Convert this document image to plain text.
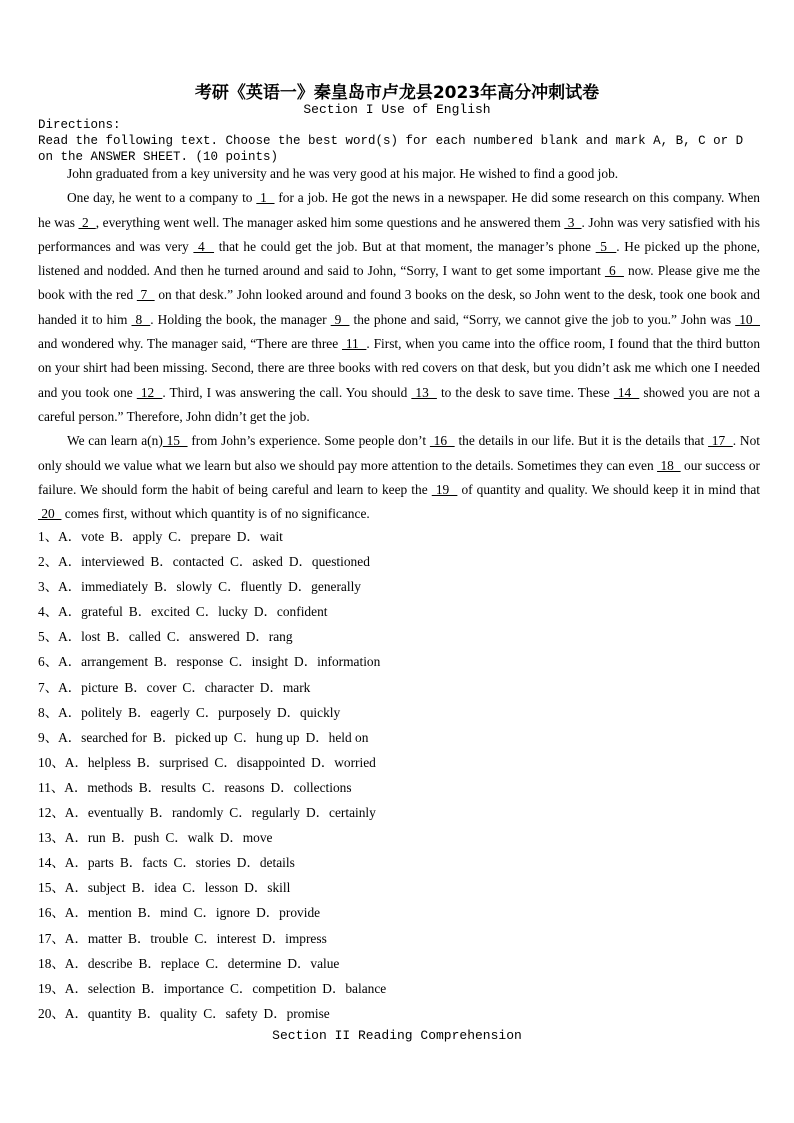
考研《英语一》秦皇岛市卢龙县2023年高分冲刺试卷
Section I Use of English
Directions:
Read the following text. Choose the best word(s) for each numbered blank and mark A, B, C or D on the ANSWER SHEET. (10 points)

John graduated from a key university and he was very good at his major. He wished to find a good job.

One day, he went to a company to  1   for a job. He got the news in a newspaper. He did some research on this company. When he was  2  , everything went well. The manager asked him some questions and he answered them  3  . John was very satisfied with his performances and was very  4   that he could get the job. But at that moment, the manager’s phone  5  . He picked up the phone, listened and nodded. And then he turned around and said to John, “Sorry, I want to get some important  6   now. Please give me the book with the red  7   on that desk.” John looked around and found 3 books on the desk, so John went to the desk, took one book and handed it to him  8  . Holding the book, the manager  9   the phone and said, “Sorry, we cannot give the job to you.” John was  10   and wondered why. The manager said, “There are three  11  . First, when you came into the office room, I found that the third button on your shirt had been missing. Second, there are three books with red covers on that desk, but you didn’t ask me which one I needed and you took one  12  . Third, I was answering the call. You should  13   to the desk to save time. These  14   showed you are not a careful person.” Therefore, John didn’t get the job.

We can learn a(n) 15   from John’s experience. Some people don’t  16   the details in our life. But it is the details that  17  . Not only should we value what we learn but also we should pay more attention to the details. Sometimes they can even  18   our success or failure. We should form the habit of being careful and learn to keep the  19   of quantity and quality. We should keep it in mind that  20   comes first, without which quantity is of no significance.

1、A．vote B．apply C．prepare D．wait
2、A．interviewed B．contacted C．asked D．questioned
3、A．immediately B．slowly C．fluently D．generally
4、A．grateful B．excited C．lucky D．confident
5、A．lost B．called C．answered D．rang
6、A．arrangement B．response C．insight D．information
7、A．picture B．cover C．character D．mark
8、A．politely B．eagerly C．purposely D．quickly
9、A．searched for B．picked up C．hung up D．held on
10、A．helpless B．surprised C．disappointed D．worried
11、A．methods B．results C．reasons D．collections
12、A．eventually B．randomly C．regularly D．certainly
13、A．run B．push C．walk D．move
14、A．parts B．facts C．stories D．details
15、A．subject B．idea C．lesson D．skill
16、A．mention B．mind C．ignore D．provide
17、A．matter B．trouble C．interest D．impress
18、A．describe B．replace C．determine D．value
19、A．selection B．importance C．competition D．balance
20、A．quantity B．quality C．safety D．promise
Section II Reading Comprehension
